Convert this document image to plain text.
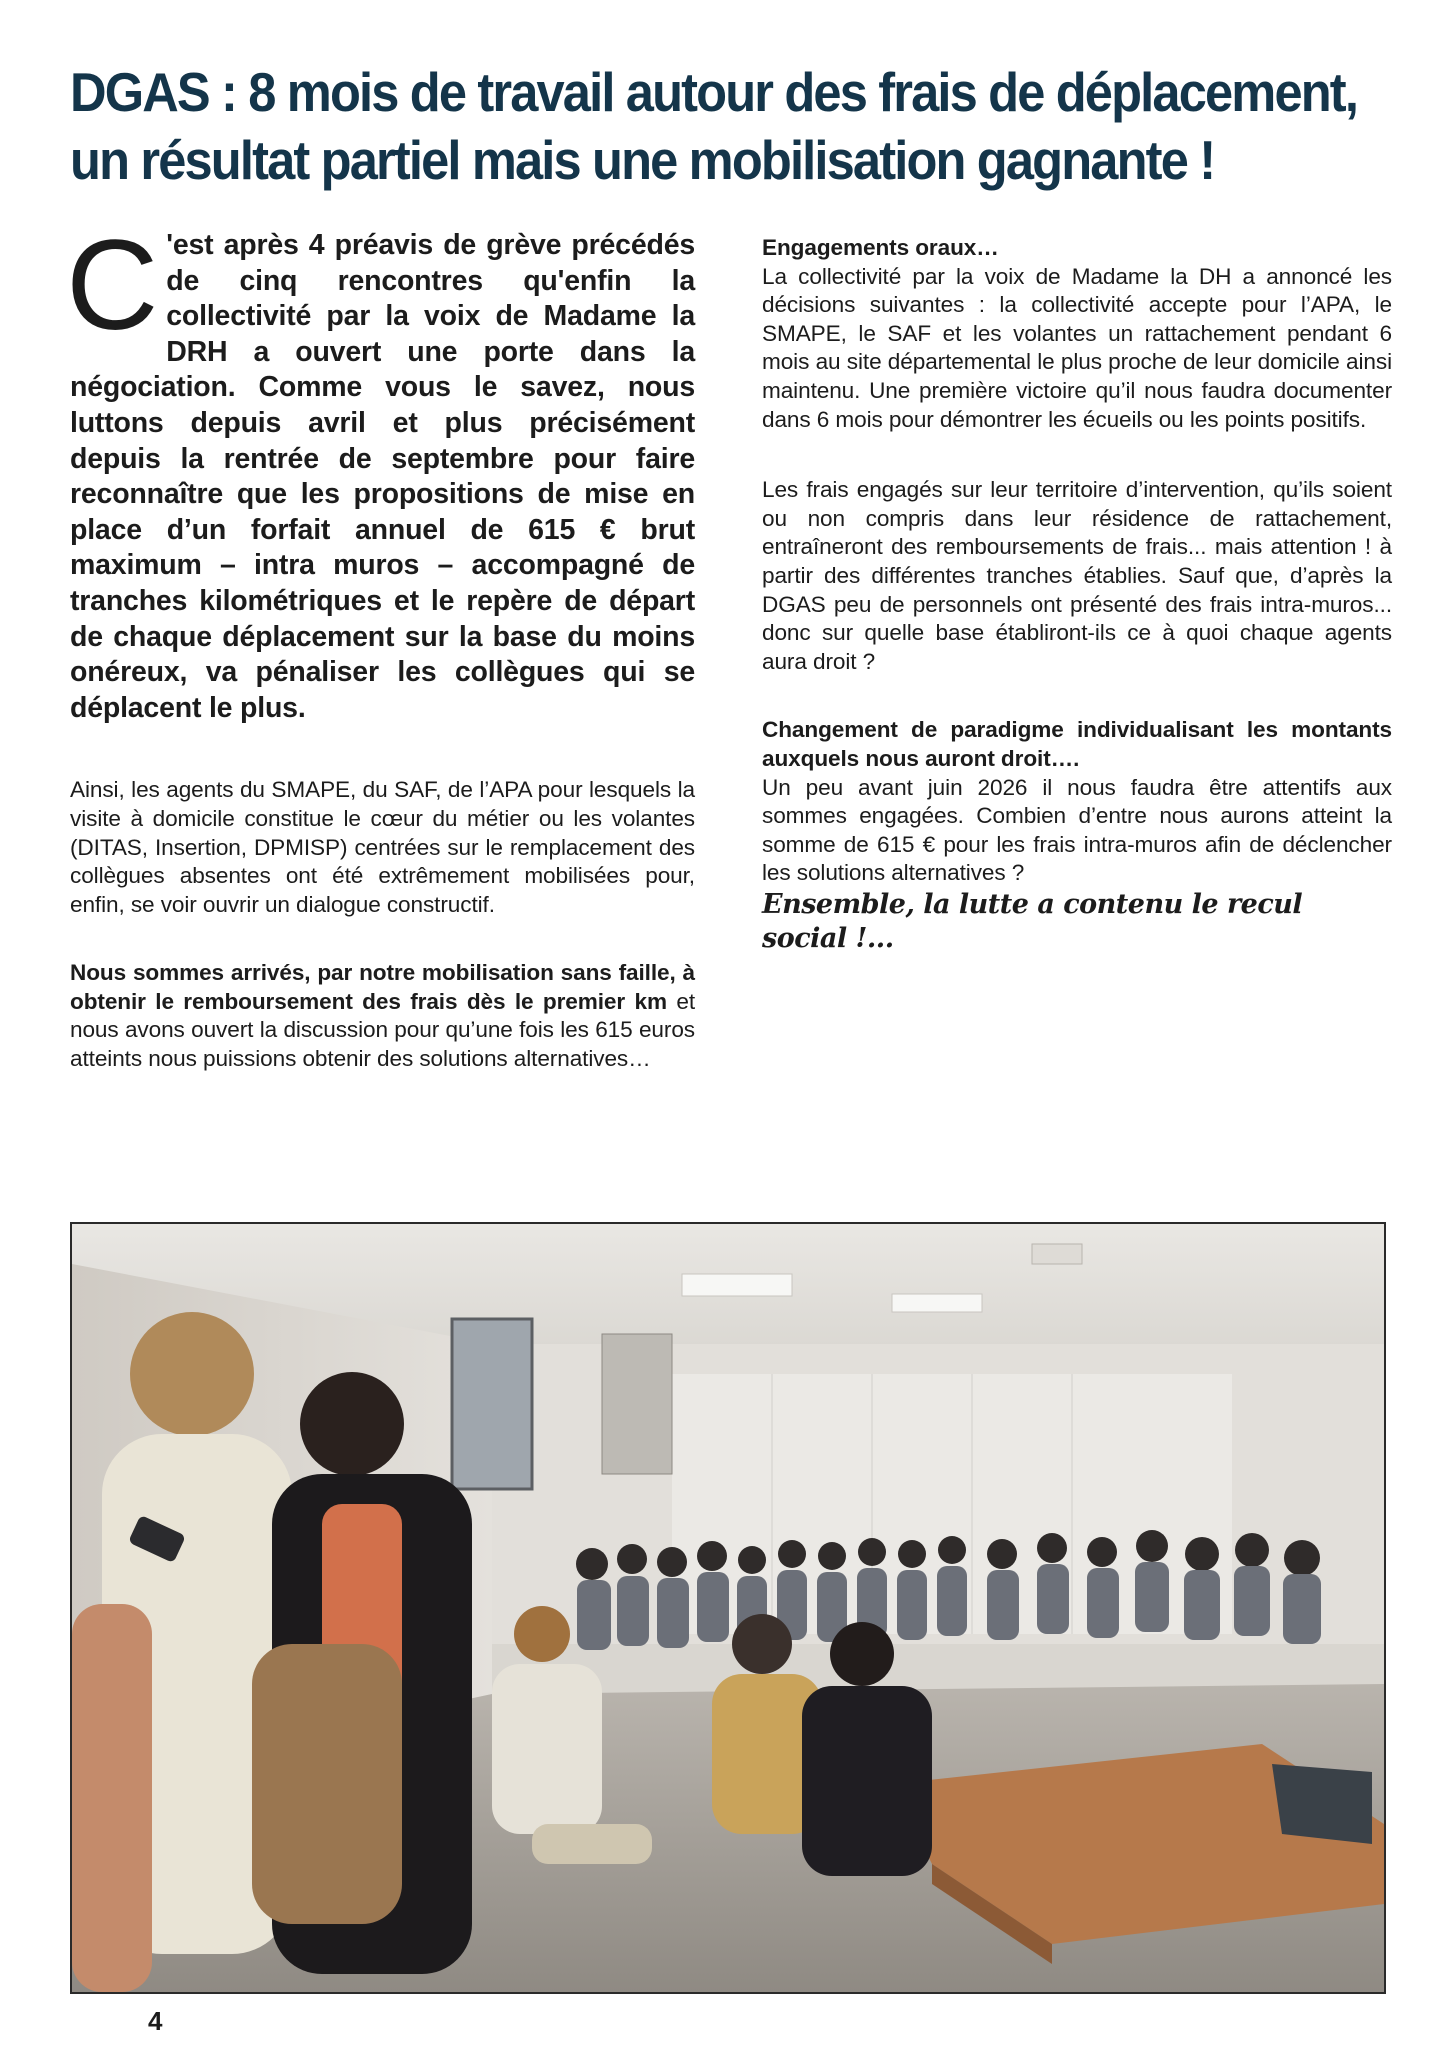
DGAS : 8 mois de travail autour des frais de déplacement,
un résultat partiel mais une mobilisation gagnante !

C 'est après 4 préavis de grève précédés de cinq rencontres qu'enfin la collectivité par la voix de Madame la DRH a ouvert une porte dans la négociation. Comme vous le savez, nous luttons depuis avril et plus précisément depuis la rentrée de septembre pour faire reconnaître que les propositions de mise en place d’un forfait annuel de 615 € brut maximum – intra muros – accompagné de tranches kilométriques et le repère de départ de chaque déplacement sur la base du moins onéreux, va pénaliser les collègues qui se déplacent le plus.

Ainsi, les agents du SMAPE, du SAF, de l’APA pour lesquels la visite à domicile constitue le cœur du métier ou les volantes (DITAS, Insertion, DPMISP) centrées sur le remplacement des collègues absentes ont été extrêmement mobilisées pour, enfin, se voir ouvrir un dialogue constructif.

Nous sommes arrivés, par notre mobilisation sans faille, à obtenir le remboursement des frais dès le premier km et nous avons ouvert la discussion pour qu’une fois les 615 euros atteints nous puissions obtenir des solutions alternatives…

Engagements oraux…
La collectivité par la voix de Madame la DH a annoncé les décisions suivantes : la collectivité accepte pour l’APA, le SMAPE, le SAF et les volantes un rattachement pendant 6 mois au site départemental le plus proche de leur domicile ainsi maintenu. Une première victoire qu’il nous faudra documenter dans 6 mois pour démontrer les écueils ou les points positifs.

Les frais engagés sur leur territoire d’intervention, qu’ils soient ou non compris dans leur résidence de rattachement, entraîneront des remboursements de frais... mais attention ! à partir des différentes tranches établies. Sauf que, d’après la DGAS peu de personnels ont présenté des frais intra-muros... donc sur quelle base établiront-ils ce à quoi chaque agents aura droit ?

Changement de paradigme individualisant les montants auxquels nous auront droit….
Un peu avant juin 2026 il nous faudra être attentifs aux sommes engagées. Combien d’entre nous aurons atteint la somme de 615 € pour les frais intra-muros afin de déclencher les solutions alternatives ?

Ensemble, la lutte a contenu le recul social !...

4
